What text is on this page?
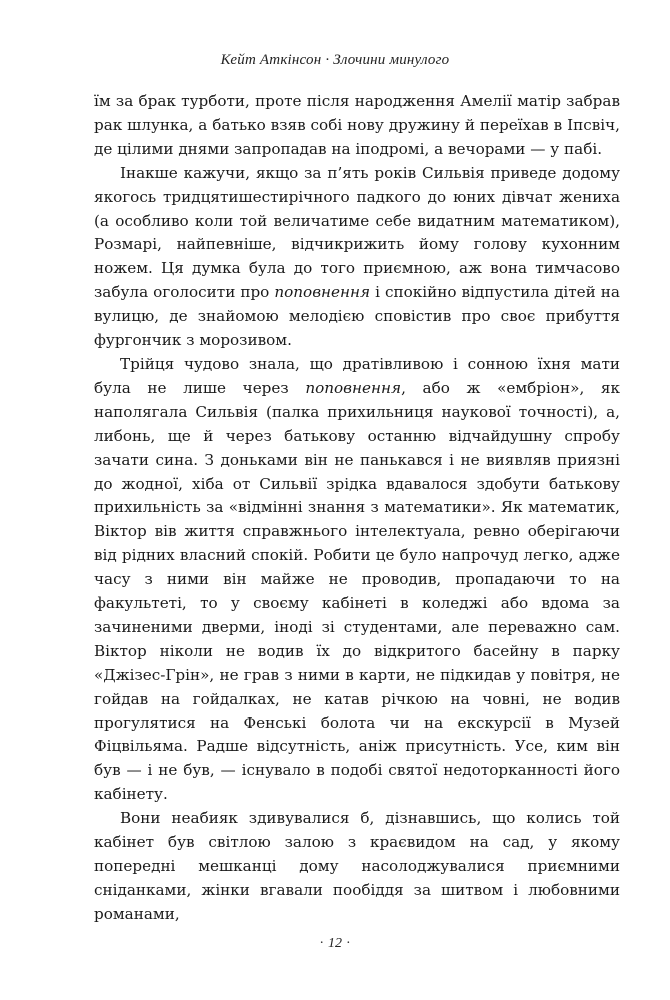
Кейт Аткінсон · Злочини минулого

їм за брак турботи, проте після народження Амелії матір забрав рак шлунка, а батько взяв собі нову дружину й переїхав в Іпсвіч, де цілими днями запропадав на іподромі, а вечорами — у пабі.

Інакше кажучи, якщо за п’ять років Сильвія приведе додому якогось тридцятишестирічного падкого до юних дівчат жениха (а особливо коли той величатиме себе видатним математиком), Розмарі, найпевніше, відчикрижить йому голову кухонним ножем. Ця думка була до того приємною, аж вона тимчасово забула оголосити про поповнення і спокійно відпустила дітей на вулицю, де знайомою мелодією сповістив про своє прибуття фургончик з морозивом.

Трійця чудово знала, що дратівливою і сонною їхня мати була не лише через поповнення, або ж «ембріон», як наполягала Сильвія (палка прихильниця наукової точності), а, либонь, ще й через батькову останню відчайдушну спробу зачати сина. З доньками він не панькався і не виявляв приязні до жодної, хіба от Сильвії зрідка вдавалося здобути батькову прихильність за «відмінні знання з математики». Як математик, Віктор вів життя справжнього інтелектуала, ревно оберігаючи від рідних власний спокій. Робити це було напрочуд легко, адже часу з ними він майже не проводив, пропадаючи то на факультеті, то у своєму кабінеті в коледжі або вдома за зачиненими дверми, іноді зі студентами, але переважно сам. Віктор ніколи не водив їх до відкритого басейну в парку «Джізес-Грін», не грав з ними в карти, не підкидав у повітря, не гойдав на гойдалках, не катав річкою на човні, не водив прогулятися на Фенські болота чи на екскурсії в Музей Фіцвільяма. Радше відсутність, аніж присутність. Усе, ким він був — і не був, — існувало в подобі святої недоторканності його кабінету.

Вони неабияк здивувалися б, дізнавшись, що колись той кабінет був світлою залою з краєвидом на сад, у якому попередні мешканці дому насолоджувалися приємними сніданками, жінки вгавали пообіддя за шитвом і любовними романами,

· 12 ·
